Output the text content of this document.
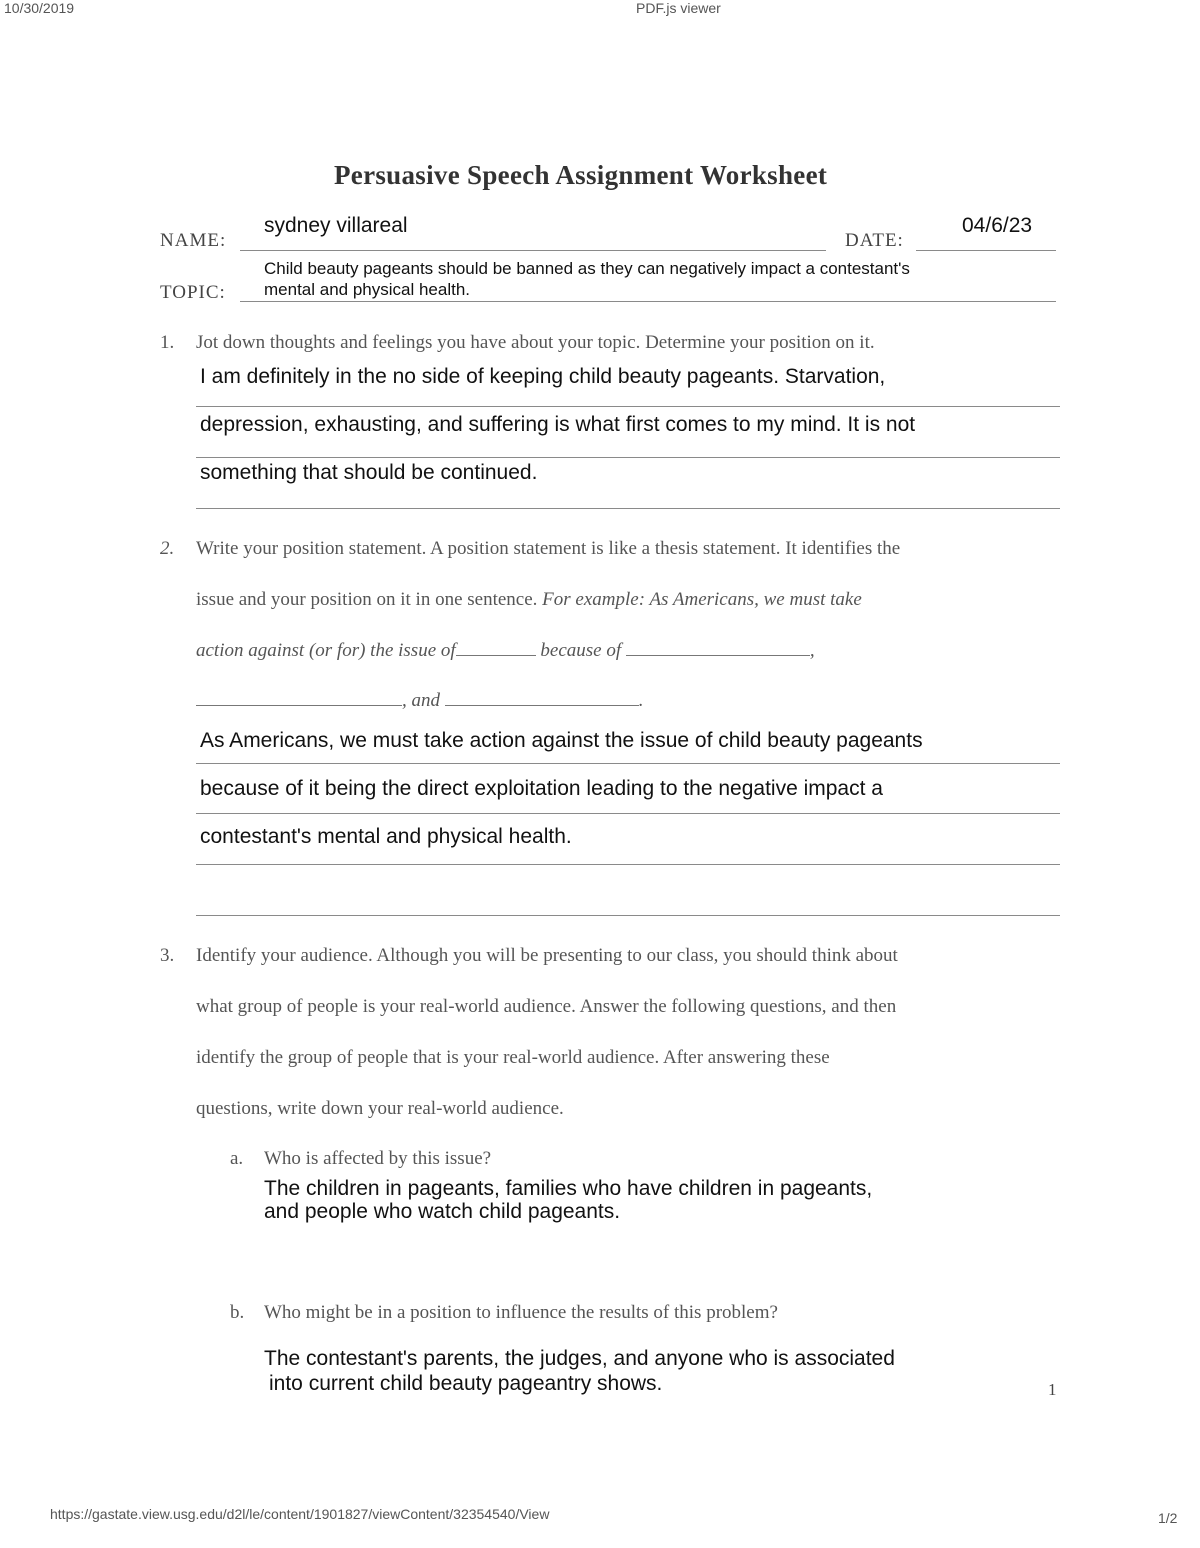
10/30/2019	PDF.js viewer
Persuasive Speech Assignment Worksheet
NAME:
sydney villareal
DATE:
04/6/23
TOPIC:
Child beauty pageants should be banned as they can negatively impact a contestant's
mental and physical health.
1. Jot down thoughts and feelings you have about your topic. Determine your position on it.
I am definitely in the no side of keeping child beauty pageants. Starvation,
depression, exhausting, and suffering is what first comes to my mind. It is not
something that should be continued.
2. Write your position statement. A position statement is like a thesis statement. It identifies the
issue and your position on it in one sentence. For example: As Americans, we must take
action against (or for) the issue of	because of	,
, and	.
As Americans, we must take action against the issue of child beauty pageants
because of it being the direct exploitation leading to the negative impact a
contestant's mental and physical health.
3. Identify your audience. Although you will be presenting to our class, you should think about
what group of people is your real-world audience. Answer the following questions, and then
identify the group of people that is your real-world audience. After answering these
questions, write down your real-world audience.
a. Who is affected by this issue?
The children in pageants, families who have children in pageants,
and people who watch child pageants.
b. Who might be in a position to influence the results of this problem?
The contestant's parents, the judges, and anyone who is associated
into current child beauty pageantry shows.	1
https://gastate.view.usg.edu/d2l/le/content/1901827/viewContent/32354540/View	1/2
